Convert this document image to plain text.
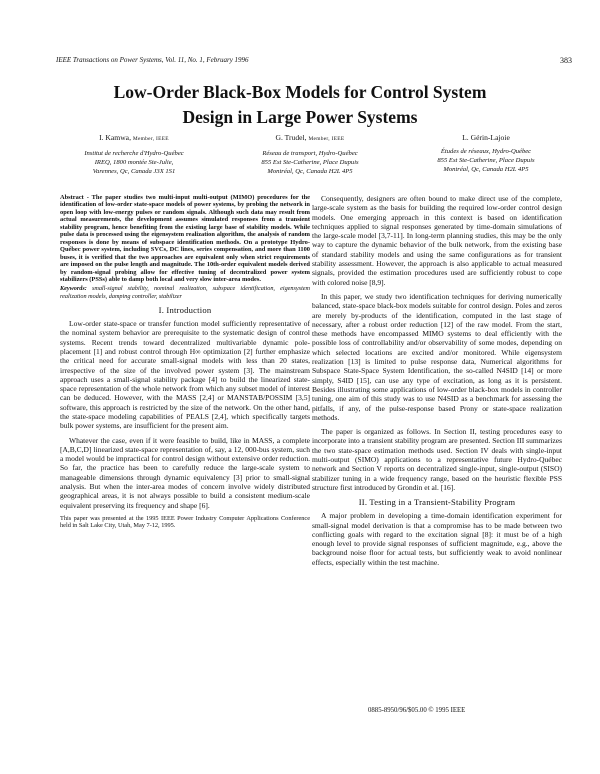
IEEE Transactions on Power Systems, Vol. 11, No. 1, February 1996	383
Low-Order Black-Box Models for Control System
Design in Large Power Systems
I. Kamwa, Member, IEEE
Institut de recherche d'Hydro-Québec
IREQ, 1800 montée Ste-Julie,
Varennes, Qc, Canada J3X 1S1
G. Trudel, Member, IEEE
Réseau de transport, Hydro-Québec
855 Est Ste-Catherine, Place Dupuis
Montréal, Qc, Canada H2L 4P5
L. Gérin-Lajoie
Études de réseaux, Hydro-Québec
855 Est Ste-Catherine, Place Dupuis
Montréal, Qc, Canada H2L 4P5
Abstract - The paper studies two multi-input multi-output (MIMO) procedures for the identification of low-order state-space models of power systems, by probing the network in open loop with low-energy pulses or random signals. Although such data may result from actual measurements, the development assumes simulated responses from a transient stability program, hence benefiting from the existing large base of stability models. While pulse data is processed using the eigensystem realization algorithm, the analysis of random responses is done by means of subspace identification methods. On a prototype Hydro-Québec power system, including SVCs, DC lines, series compensation, and more than 1100 buses, it is verified that the two approaches are equivalent only when strict requirements are imposed on the pulse length and magnitude. The 10th-order equivalent models derived by random-signal probing allow for effective tuning of decentralized power system stabilizers (PSSs) able to damp both local and very slow inter-area modes.
Keywords: small-signal stability, nominal realization, subspace identification, eigensystem realization models, damping controller, stabilizer
I. Introduction

Low-order state-space or transfer function model sufficiently representative of the nominal system behavior are prerequisite to the systematic design of control systems. Recent trends toward decentralized multivariable dynamic pole-placement [1] and robust control through H∞ optimization [2] further emphasize the critical need for accurate small-signal models with less than 20 states, irrespective of the size of the involved power system [3]. The mainstream approach uses a small-signal stability package [4] to build the linearized state-space representation of the whole network from which any subset model of interest can be deduced. However, with the MASS [2,4] or MANSTAB/POSSIM [3,5] software, this approach is restricted by the size of the network. On the other hand, the state-space modeling capabilities of PEALS [2,4], which specifically targets bulk power systems, are insufficient for the present aim.

Whatever the case, even if it were feasible to build, like in MASS, a complete [A,B,C,D] linearized state-space representation of, say, a 12, 000-bus system, such a model would be impractical for control design without extensive order reduction. So far, the practice has been to carefully reduce the large-scale system to manageable dimensions through dynamic equivalency [3] prior to small-signal analysis. But when the inter-area modes of concern involve widely distributed geographical areas, it is not always possible to build a consistent medium-scale equivalent preserving its frequency and shape [6].

This paper was presented at the 1995 IEEE Power Industry Computer Applications Conference held in Salt Lake City, Utah, May 7-12, 1995.

Consequently, designers are often bound to make direct use of the complete, large-scale system as the basis for building the required low-order control design models. One emerging approach in this context is based on identification techniques applied to signal responses generated by time-domain simulations of the large-scale model [3,7-11]. In long-term planning studies, this may be the only way to capture the dynamic behavior of the bulk network, from the existing base of standard stability models and using the same configurations as for transient stability assessment. However, the approach is also applicable to actual measured signals, provided the estimation procedures used are sufficiently robust to cope with colored noise [8,9].

In this paper, we study two identification techniques for deriving numerically balanced, state-space black-box models suitable for control design. Poles and zeros are merely by-products of the identification, computed in the last stage of necessary, after a robust order reduction [12] of the raw model. From the start, these methods have encompassed MIMO systems to deal efficiently with the possible loss of controllability and/or observability of some modes, depending on which selected locations are excited and/or monitored. While eigensystem realization [13] is limited to pulse response data, Numerical algorithms for Subspace State-Space System Identification, the so-called N4SID [14] or more simply, S4ID [15], can use any type of excitation, as long as it is persistent. Besides illustrating some applications of low-order black-box models in controller tuning, one aim of this study was to use N4SID as a benchmark for assessing the pitfalls, if any, of the pulse-response based Prony or state-space realization methods.

The paper is organized as follows. In Section II, testing procedures easy to incorporate into a transient stability program are presented. Section III summarizes the two state-space estimation methods used. Section IV deals with single-input multi-output (SIMO) applications to a representative future Hydro-Québec network and Section V reports on decentralized single-input, single-output (SISO) stabilizer tuning in a wide frequency range, based on the heuristic flexible PSS structure first introduced by Grondin et al. [16].

II. Testing in a Transient-Stability Program

A major problem in developing a time-domain identification experiment for small-signal model derivation is that a compromise has to be made between two conflicting goals with regard to the excitation signal [8]: it must be of a high enough level to provide signal responses of sufficient magnitude, e.g., above the background noise floor for actual tests, but sufficiently weak to avoid nonlinear effects, especially within the test machine.

0885-8950/96/$05.00 © 1995 IEEE
